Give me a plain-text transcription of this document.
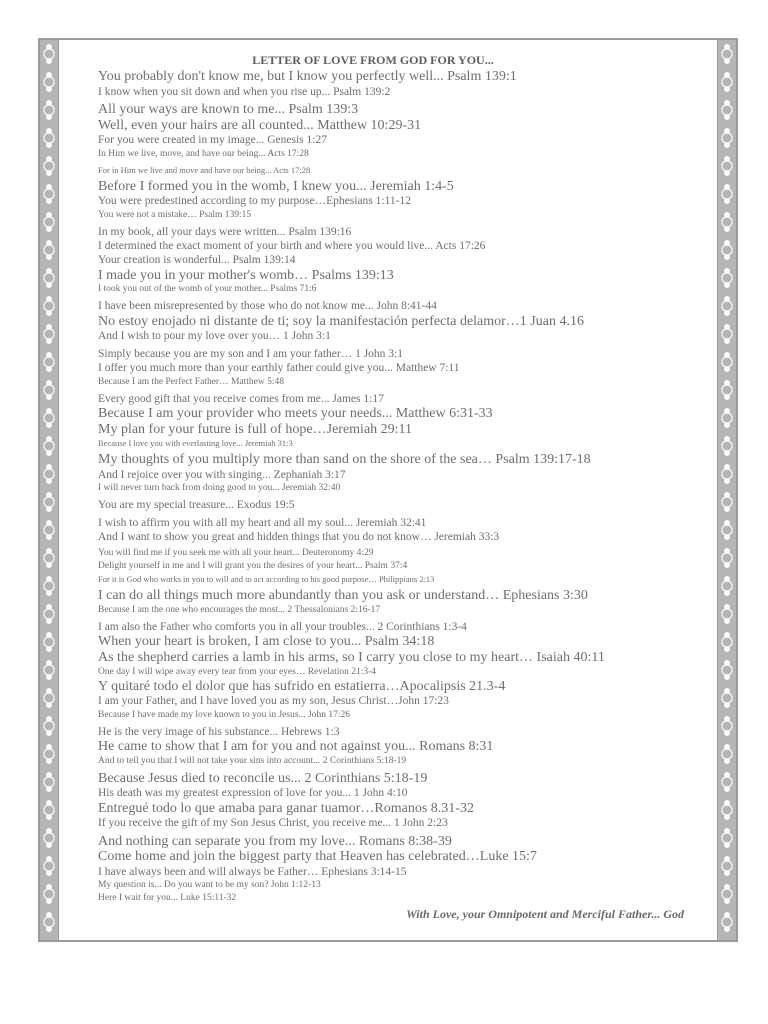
LETTER OF LOVE FROM GOD FOR YOU...
You probably don't know me, but I know you perfectly well... Psalm 139:1
I know when you sit down and when you rise up... Psalm 139:2
All your ways are known to me... Psalm 139:3
Well, even your hairs are all counted... Matthew 10:29-31
For you were created in my image... Genesis 1:27
In Him we live, move, and have our being... Acts 17:28
For in Him we live and move and have our being... Acts 17:28
Before I formed you in the womb, I knew you... Jeremiah 1:4-5
You were predestined according to my purpose…Ephesians 1:11-12
You were not a mistake… Psalm 139:15
In my book, all your days were written... Psalm 139:16
I determined the exact moment of your birth and where you would live... Acts 17:26
Your creation is wonderful... Psalm 139:14
I made you in your mother's womb… Psalms 139:13
I took you out of the womb of your mother... Psalms 71:6
I have been misrepresented by those who do not know me... John 8:41-44
No estoy enojado ni distante de ti; soy la manifestación perfecta delamor…1 Juan 4.16
And I wish to pour my love over you… 1 John 3:1
Simply because you are my son and I am your father… 1 John 3:1
I offer you much more than your earthly father could give you... Matthew 7:11
Because I am the Perfect Father… Matthew 5:48
Every good gift that you receive comes from me... James 1:17
Because I am your provider who meets your needs... Matthew 6:31-33
My plan for your future is full of hope…Jeremiah 29:11
Because I love you with everlasting love... Jeremiah 31:3
My thoughts of you multiply more than sand on the shore of the sea… Psalm 139:17-18
And I rejoice over you with singing... Zephaniah 3:17
I will never turn back from doing good to you... Jeremiah 32:40
You are my special treasure... Exodus 19:5
I wish to affirm you with all my heart and all my soul... Jeremiah 32:41
And I want to show you great and hidden things that you do not know… Jeremiah 33:3
You will find me if you seek me with all your heart... Deuteronomy 4:29
Delight yourself in me and I will grant you the desires of your heart... Psalm 37:4
For it is God who works in you to will and to act according to his good purpose… Philippians 2:13
I can do all things much more abundantly than you ask or understand… Ephesians 3:30
Because I am the one who encourages the most... 2 Thessalonians 2:16-17
I am also the Father who comforts you in all your troubles... 2 Corinthians 1:3-4
When your heart is broken, I am close to you... Psalm 34:18
As the shepherd carries a lamb in his arms, so I carry you close to my heart… Isaiah 40:11
One day I will wipe away every tear from your eyes… Revelation 21:3-4
Y quitaré todo el dolor que has sufrido en estatierra…Apocalipsis 21.3-4
I am your Father, and I have loved you as my son, Jesus Christ…John 17:23
Because I have made my love known to you in Jesus... John 17:26
He is the very image of his substance... Hebrews 1:3
He came to show that I am for you and not against you... Romans 8:31
And to tell you that I will not take your sins into account... 2 Corinthians 5:18-19
Because Jesus died to reconcile us... 2 Corinthians 5:18-19
His death was my greatest expression of love for you... 1 John 4:10
Entregué todo lo que amaba para ganar tuamor…Romanos 8.31-32
If you receive the gift of my Son Jesus Christ, you receive me... 1 John 2:23
And nothing can separate you from my love... Romans 8:38-39
Come home and join the biggest party that Heaven has celebrated…Luke 15:7
I have always been and will always be Father… Ephesians 3:14-15
My question is... Do you want to be my son? John 1:12-13
Here I wait for you... Luke 15:11-32
With Love, your Omnipotent and Merciful Father... God
